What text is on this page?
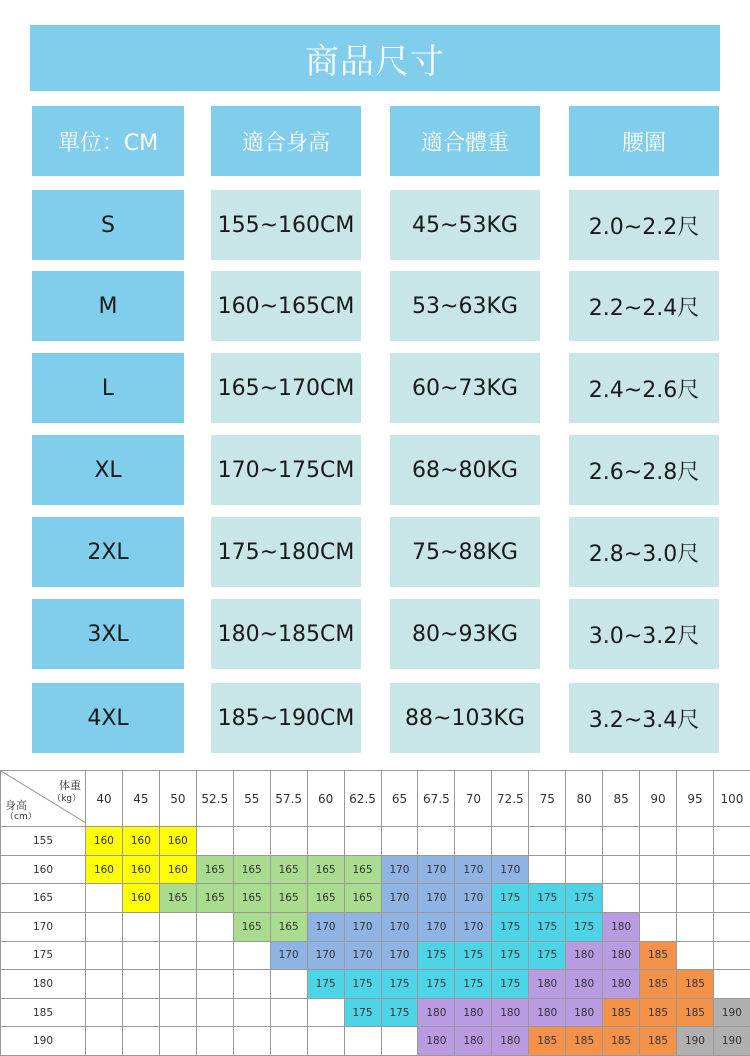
商品尺寸
單位：CM	適合身高	適合體重	腰圍
S	155~160CM	45~53KG	2.0~2.2尺
M	160~165CM	53~63KG	2.2~2.4尺
L	165~170CM	60~73KG	2.4~2.6尺
XL	170~175CM	68~80KG	2.6~2.8尺
2XL	175~180CM	75~88KG	2.8~3.0尺
3XL	180~185CM	80~93KG	3.0~3.2尺
4XL	185~190CM	88~103KG	3.2~3.4尺
体重
（kg）
身高
（cm）	40	45	50	52.5	55	57.5	60	62.5	65	67.5	70	72.5	75	80	85	90	95	100
155	160	160	160															
160	160	160	160	165	165	165	165	165	170	170	170	170						
165		160	165	165	165	165	165	165	170	170	170	175	175	175				
170					165	165	170	170	170	170	170	175	175	175	180			
175						170	170	170	170	175	175	175	175	180	180	185		
180							175	175	175	175	175	175	180	180	180	185	185	
185								175	175	180	180	180	180	180	185	185	185	190
190										180	180	180	185	185	185	185	190	190
